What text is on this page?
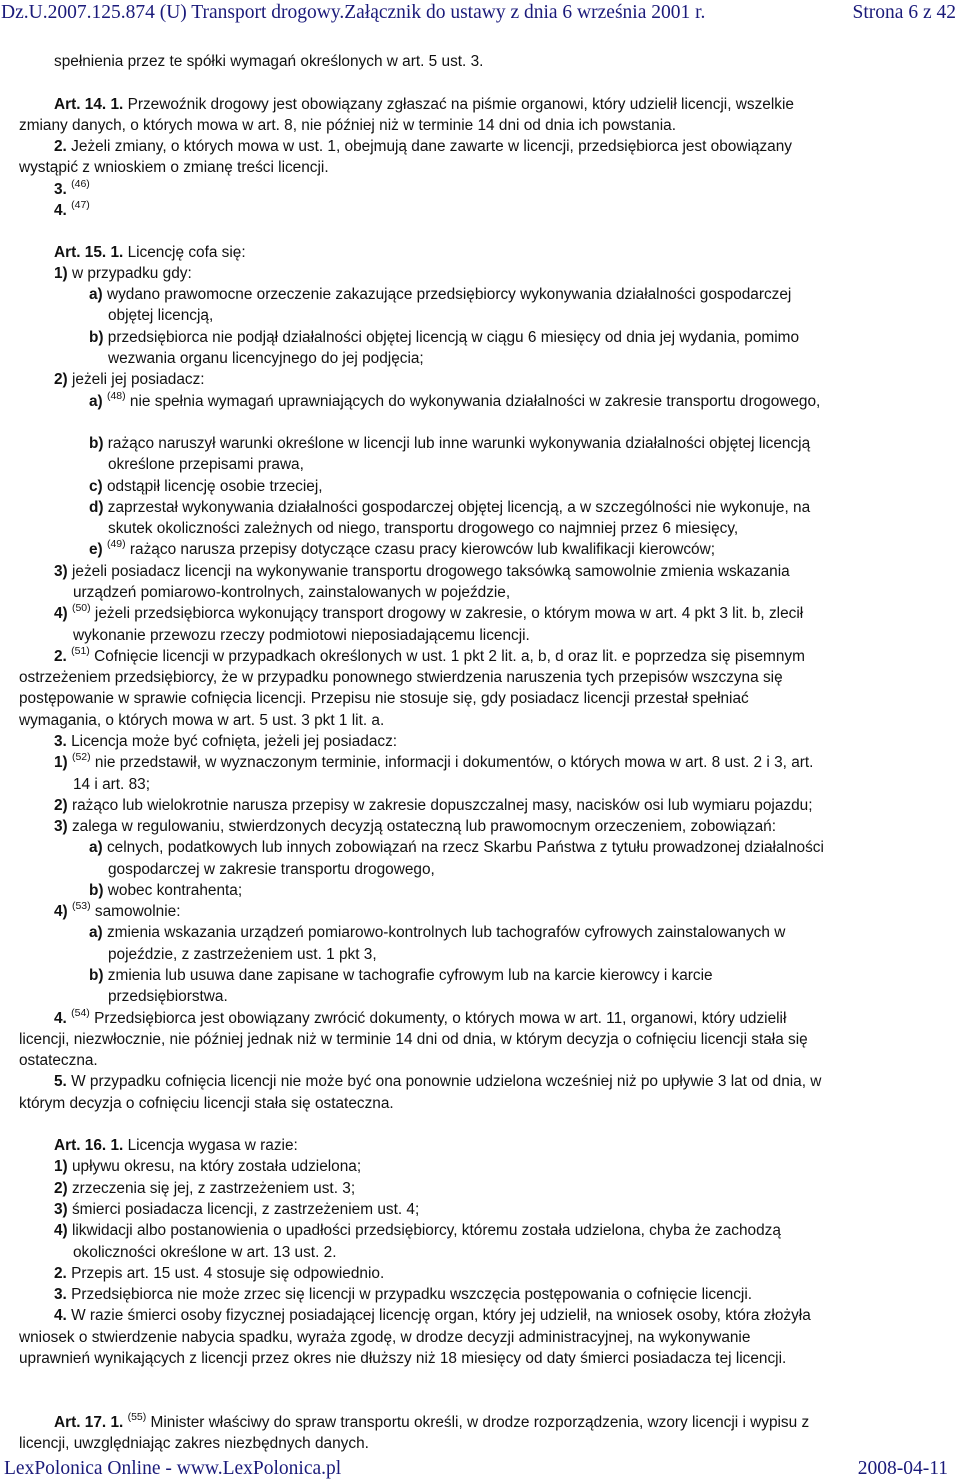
Dz.U.2007.125.874 (U) Transport drogowy.Załącznik do ustawy z dnia 6 września 2001 r.	Strona 6 z 42
spełnienia przez te spółki wymagań określonych w art. 5 ust. 3.
Art. 14. 1. Przewoźnik drogowy jest obowiązany zgłaszać na piśmie organowi, który udzielił licencji, wszelkie
zmiany danych, o których mowa w art. 8, nie później niż w terminie 14 dni od dnia ich powstania.
2. Jeżeli zmiany, o których mowa w ust. 1, obejmują dane zawarte w licencji, przedsiębiorca jest obowiązany
wystąpić z wnioskiem o zmianę treści licencji.
3. $^{(46)}$
4. $^{(47)}$
Art. 15. 1. Licencję cofa się:
1) w przypadku gdy:
a) wydano prawomocne orzeczenie zakazujące przedsiębiorcy wykonywania działalności gospodarczej
objętej licencją,
b) przedsiębiorca nie podjął działalności objętej licencją w ciągu 6 miesięcy od dnia jej wydania, pomimo
wezwania organu licencyjnego do jej podjęcia;
2) jeżeli jej posiadacz:
a) $^{(48)}$ nie spełnia wymagań uprawniających do wykonywania działalności w zakresie transportu drogowego,
b) rażąco naruszył warunki określone w licencji lub inne warunki wykonywania działalności objętej licencją
określone przepisami prawa,
c) odstąpił licencję osobie trzeciej,
d) zaprzestał wykonywania działalności gospodarczej objętej licencją, a w szczególności nie wykonuje, na
skutek okoliczności zależnych od niego, transportu drogowego co najmniej przez 6 miesięcy,
e) $^{(49)}$ rażąco narusza przepisy dotyczące czasu pracy kierowców lub kwalifikacji kierowców;
3) jeżeli posiadacz licencji na wykonywanie transportu drogowego taksówką samowolnie zmienia wskazania
urządzeń pomiarowo-kontrolnych, zainstalowanych w pojeździe,
4) $^{(50)}$ jeżeli przedsiębiorca wykonujący transport drogowy w zakresie, o którym mowa w art. 4 pkt 3 lit. b, zlecił
wykonanie przewozu rzeczy podmiotowi nieposiadającemu licencji.
2. $^{(51)}$ Cofnięcie licencji w przypadkach określonych w ust. 1 pkt 2 lit. a, b, d oraz lit. e poprzedza się pisemnym
ostrzeżeniem przedsiębiorcy, że w przypadku ponownego stwierdzenia naruszenia tych przepisów wszczyna się
postępowanie w sprawie cofnięcia licencji. Przepisu nie stosuje się, gdy posiadacz licencji przestał spełniać
wymagania, o których mowa w art. 5 ust. 3 pkt 1 lit. a.
3. Licencja może być cofnięta, jeżeli jej posiadacz:
1) $^{(52)}$ nie przedstawił, w wyznaczonym terminie, informacji i dokumentów, o których mowa w art. 8 ust. 2 i 3, art.
14 i art. 83;
2) rażąco lub wielokrotnie narusza przepisy w zakresie dopuszczalnej masy, nacisków osi lub wymiaru pojazdu;
3) zalega w regulowaniu, stwierdzonych decyzją ostateczną lub prawomocnym orzeczeniem, zobowiązań:
a) celnych, podatkowych lub innych zobowiązań na rzecz Skarbu Państwa z tytułu prowadzonej działalności
gospodarczej w zakresie transportu drogowego,
b) wobec kontrahenta;
4) $^{(53)}$ samowolnie:
a) zmienia wskazania urządzeń pomiarowo-kontrolnych lub tachografów cyfrowych zainstalowanych w
pojeździe, z zastrzeżeniem ust. 1 pkt 3,
b) zmienia lub usuwa dane zapisane w tachografie cyfrowym lub na karcie kierowcy i karcie
przedsiębiorstwa.
4. $^{(54)}$ Przedsiębiorca jest obowiązany zwrócić dokumenty, o których mowa w art. 11, organowi, który udzielił
licencji, niezwłocznie, nie później jednak niż w terminie 14 dni od dnia, w którym decyzja o cofnięciu licencji stała się
ostateczna.
5. W przypadku cofnięcia licencji nie może być ona ponownie udzielona wcześniej niż po upływie 3 lat od dnia, w
którym decyzja o cofnięciu licencji stała się ostateczna.
Art. 16. 1. Licencja wygasa w razie:
1) upływu okresu, na który została udzielona;
2) zrzeczenia się jej, z zastrzeżeniem ust. 3;
3) śmierci posiadacza licencji, z zastrzeżeniem ust. 4;
4) likwidacji albo postanowienia o upadłości przedsiębiorcy, któremu została udzielona, chyba że zachodzą
okoliczności określone w art. 13 ust. 2.
2. Przepis art. 15 ust. 4 stosuje się odpowiednio.
3. Przedsiębiorca nie może zrzec się licencji w przypadku wszczęcia postępowania o cofnięcie licencji.
4. W razie śmierci osoby fizycznej posiadającej licencję organ, który jej udzielił, na wniosek osoby, która złożyła
wniosek o stwierdzenie nabycia spadku, wyraża zgodę, w drodze decyzji administracyjnej, na wykonywanie
uprawnień wynikających z licencji przez okres nie dłuższy niż 18 miesięcy od daty śmierci posiadacza tej licencji.
Art. 17. 1. $^{(55)}$ Minister właściwy do spraw transportu określi, w drodze rozporządzenia, wzory licencji i wypisu z
licencji, uwzględniając zakres niezbędnych danych.
LexPolonica Online - www.LexPolonica.pl	2008-04-11
